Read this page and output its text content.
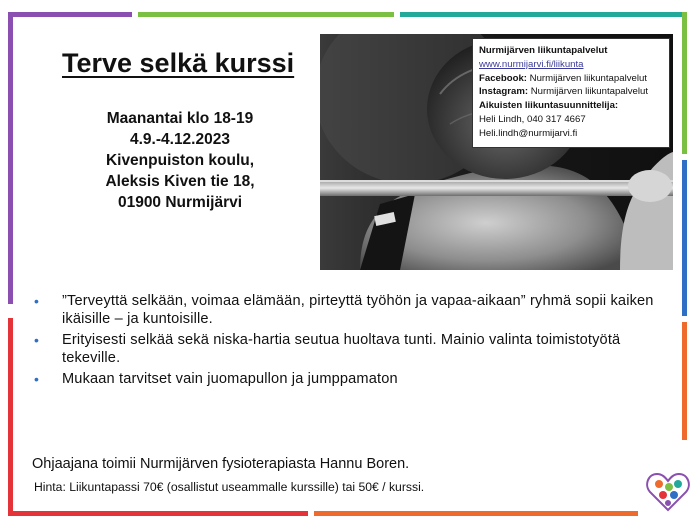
Terve selkä kurssi
Maanantai klo 18-19
4.9.-4.12.2023
Kivenpuiston koulu,
Aleksis Kiven tie 18,
01900 Nurmijärvi
Nurmijärven liikuntapalvelut
www.nurmijarvi.fi/liikunta
Facebook: Nurmijärven liikuntapalvelut
Instagram: Nurmijärven liikuntapalvelut
Aikuisten liikuntasuunnittelija:
Heli Lindh, 040 317 4667
Heli.lindh@nurmijarvi.fi
• ”Terveyttä selkään, voimaa elämään, pirteyttä työhön ja vapaa-aikaan” ryhmä sopii kaiken ikäisille – ja kuntoisille.
• Erityisesti selkää sekä niska-hartia seutua huoltava tunti. Mainio valinta toimistotyötä tekeville.
• Mukaan tarvitset vain juomapullon ja jumppamaton
Ohjaajana toimii Nurmijärven fysioterapiasta Hannu Boren.
Hinta: Liikuntapassi 70€ (osallistut useammalle kurssille) tai 50€ / kurssi.
